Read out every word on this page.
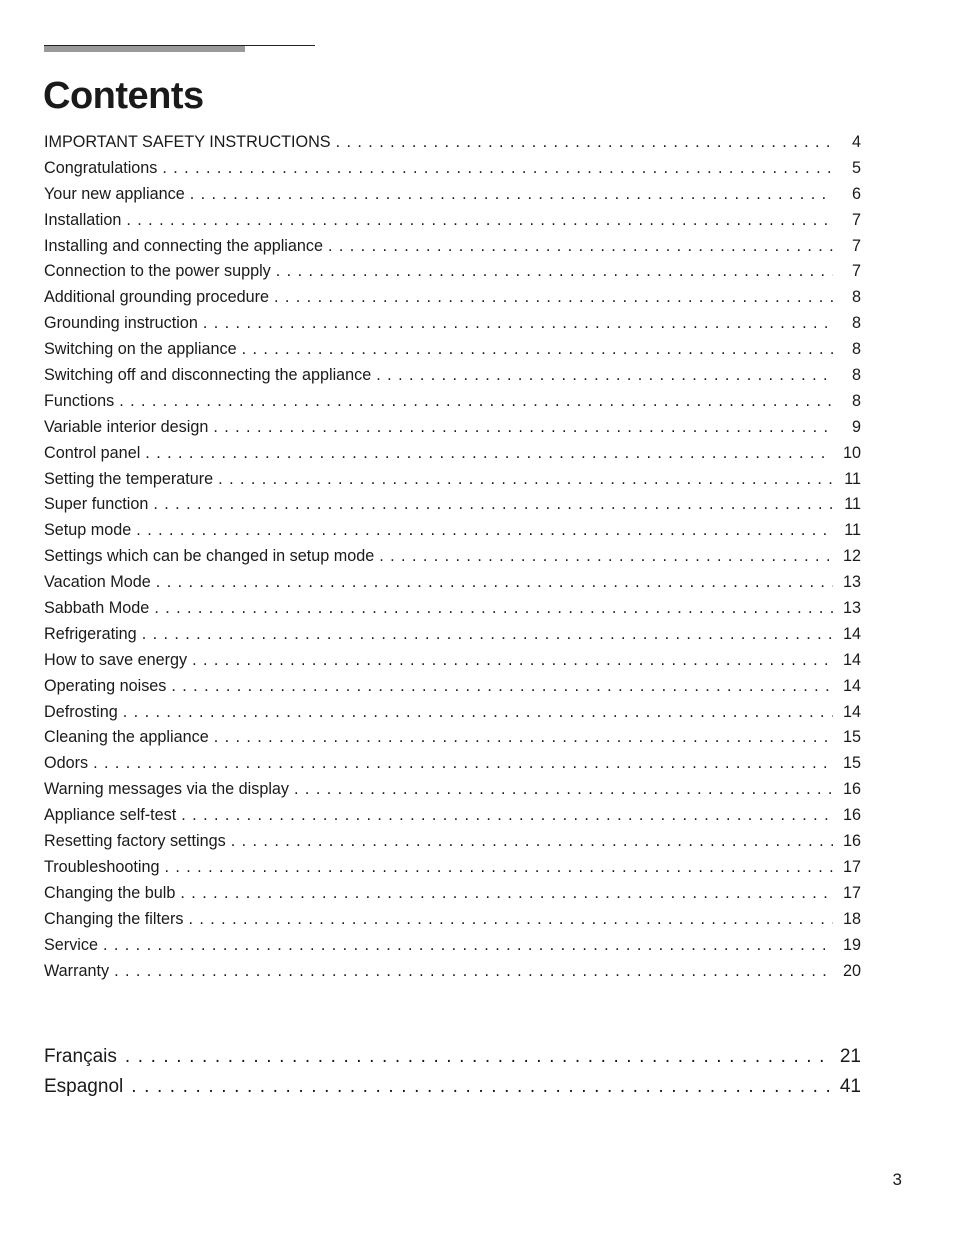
Contents
IMPORTANT SAFETY INSTRUCTIONS . . .	4
Congratulations . . .	5
Your new appliance . . .	6
Installation . . .	7
Installing and connecting the appliance . . .	7
Connection to the power supply . . .	7
Additional grounding procedure . . .	8
Grounding instruction . . .	8
Switching on the appliance . . .	8
Switching off and disconnecting the appliance . . .	8
Functions . . .	8
Variable interior design . . .	9
Control panel . . .	10
Setting the temperature . . .	11
Super function . . .	11
Setup mode . . .	11
Settings which can be changed in setup mode . . .	12
Vacation Mode . . .	13
Sabbath Mode . . .	13
Refrigerating . . .	14
How to save energy . . .	14
Operating noises . . .	14
Defrosting . . .	14
Cleaning the appliance . . .	15
Odors . . .	15
Warning messages via the display . . .	16
Appliance self-test . . .	16
Resetting factory settings . . .	16
Troubleshooting . . .	17
Changing the bulb . . .	17
Changing the filters . . .	18
Service . . .	19
Warranty . . .	20
Français . . .	21
Espagnol . . .	41
3
